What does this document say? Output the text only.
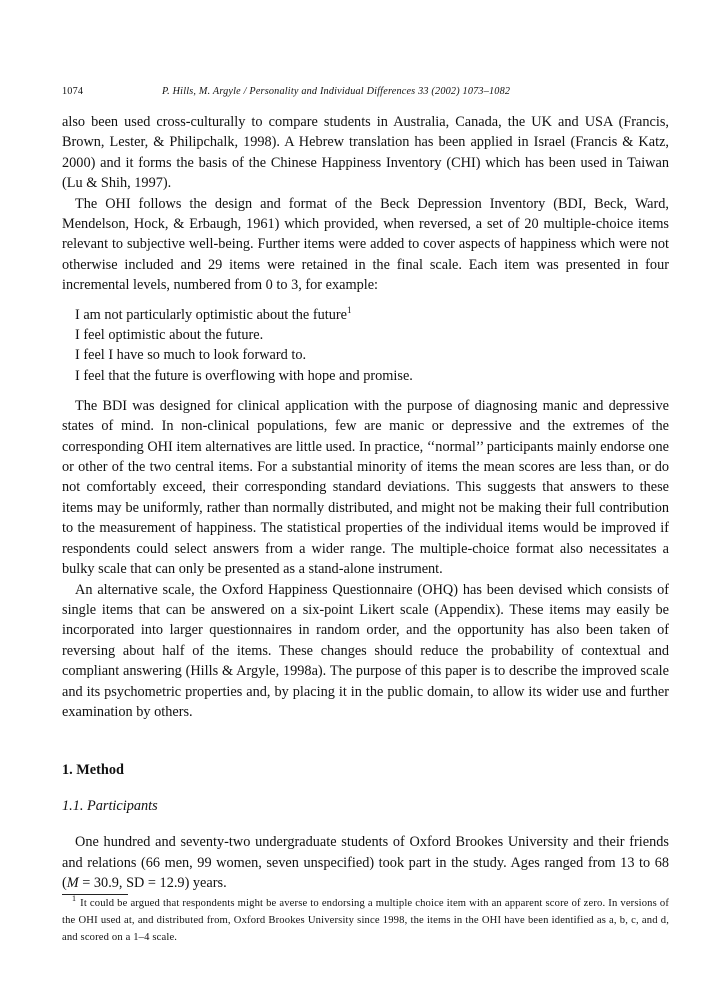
1074	P. Hills, M. Argyle / Personality and Individual Differences 33 (2002) 1073–1082

also been used cross-culturally to compare students in Australia, Canada, the UK and USA (Francis, Brown, Lester, & Philipchalk, 1998). A Hebrew translation has been applied in Israel (Francis & Katz, 2000) and it forms the basis of the Chinese Happiness Inventory (CHI) which has been used in Taiwan (Lu & Shih, 1997).

The OHI follows the design and format of the Beck Depression Inventory (BDI, Beck, Ward, Mendelson, Hock, & Erbaugh, 1961) which provided, when reversed, a set of 20 multiple-choice items relevant to subjective well-being. Further items were added to cover aspects of happiness which were not otherwise included and 29 items were retained in the final scale. Each item was presented in four incremental levels, numbered from 0 to 3, for example:

I am not particularly optimistic about the future$^1$
I feel optimistic about the future.
I feel I have so much to look forward to.
I feel that the future is overflowing with hope and promise.

The BDI was designed for clinical application with the purpose of diagnosing manic and depressive states of mind. In non-clinical populations, few are manic or depressive and the extremes of the corresponding OHI item alternatives are little used. In practice, ‘‘normal’’ participants mainly endorse one or other of the two central items. For a substantial minority of items the mean scores are less than, or do not comfortably exceed, their corresponding standard deviations. This suggests that answers to these items may be uniformly, rather than normally distributed, and might not be making their full contribution to the measurement of happiness. The statistical properties of the individual items would be improved if respondents could select answers from a wider range. The multiple-choice format also necessitates a bulky scale that can only be presented as a stand-alone instrument.

An alternative scale, the Oxford Happiness Questionnaire (OHQ) has been devised which consists of single items that can be answered on a six-point Likert scale (Appendix). These items may easily be incorporated into larger questionnaires in random order, and the opportunity has also been taken of reversing about half of the items. These changes should reduce the probability of contextual and compliant answering (Hills & Argyle, 1998a). The purpose of this paper is to describe the improved scale and its psychometric properties and, by placing it in the public domain, to allow its wider use and further examination by others.

1. Method
1.1. Participants

One hundred and seventy-two undergraduate students of Oxford Brookes University and their friends and relations (66 men, 99 women, seven unspecified) took part in the study. Ages ranged from 13 to 68 (M = 30.9, SD = 12.9) years.

$^1$ It could be argued that respondents might be averse to endorsing a multiple choice item with an apparent score of zero. In versions of the OHI used at, and distributed from, Oxford Brookes University since 1998, the items in the OHI have been identified as a, b, c, and d, and scored on a 1–4 scale.
